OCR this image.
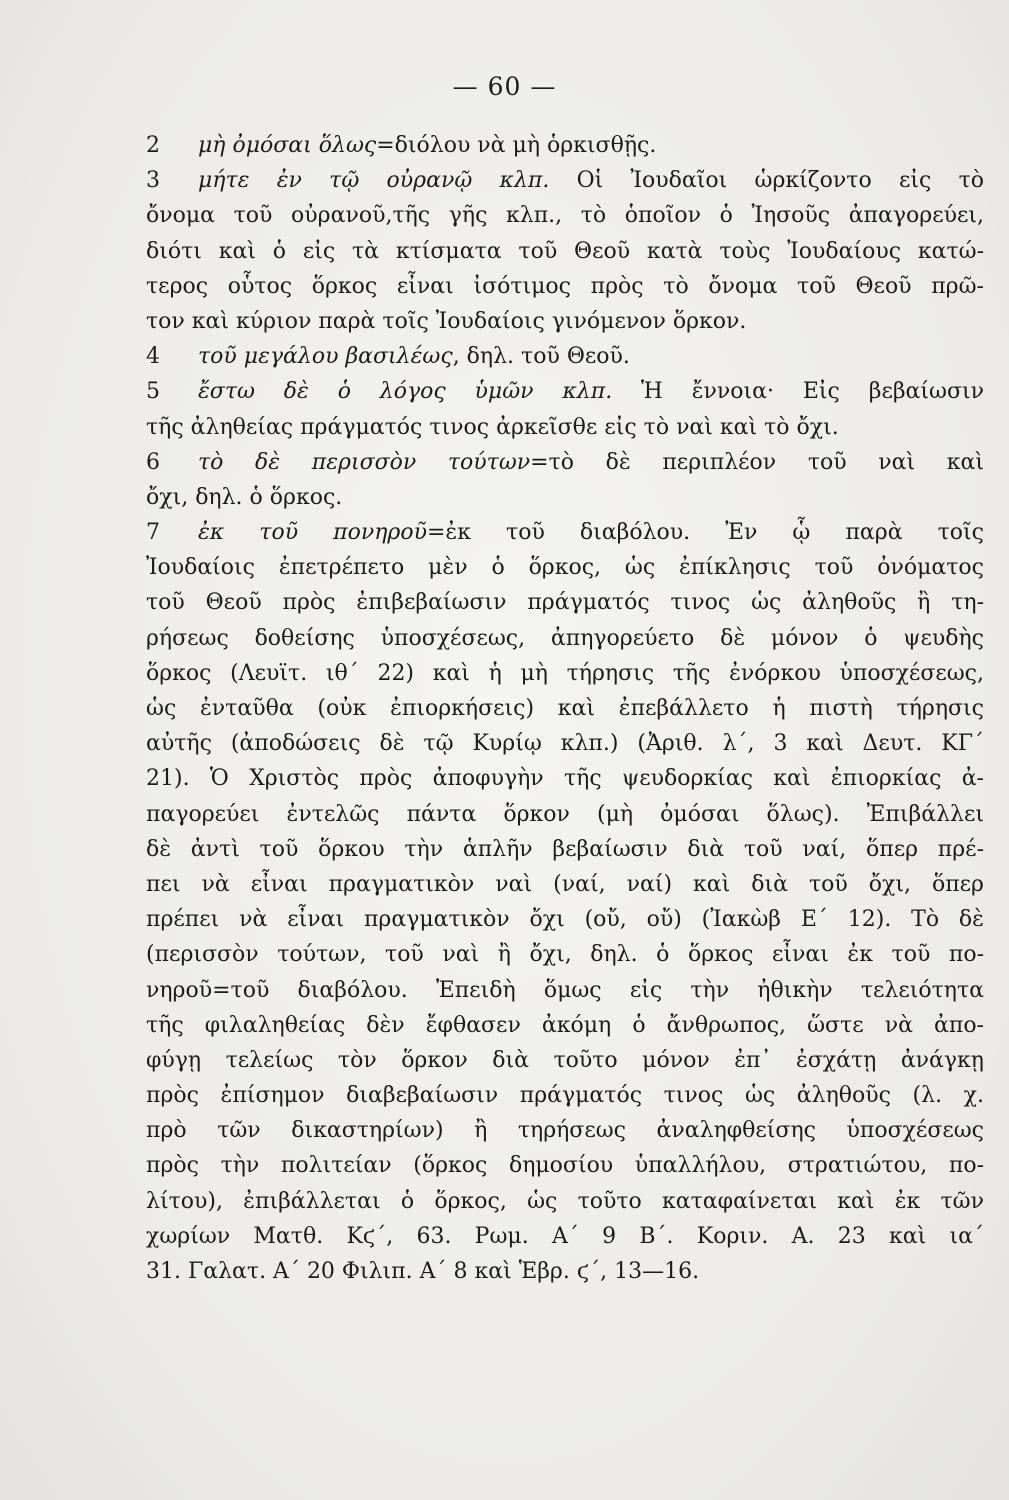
— 60 —
2 μὴ ὀμόσαι ὅλως=διόλου νὰ μὴ ὁρκισθῇς.
3 μήτε ἐν τῷ οὐρανῷ κλπ. Οἱ Ἰουδαῖοι ὡρκίζοντο εἰς τὸ
ὄνομα τοῦ οὐρανοῦ,τῆς γῆς κλπ., τὸ ὁποῖον ὁ Ἰησοῦς ἀπαγορεύει,
διότι καὶ ὁ εἰς τὰ κτίσματα τοῦ Θεοῦ κατὰ τοὺς Ἰουδαίους κατώ-
τερος οὗτος ὅρκος εἶναι ἰσότιμος πρὸς τὸ ὄνομα τοῦ Θεοῦ πρῶ-
τον καὶ κύριον παρὰ τοῖς Ἰουδαίοις γινόμενον ὅρκον.
4 τοῦ μεγάλου βασιλέως, δηλ. τοῦ Θεοῦ.
5 ἔστω δὲ ὁ λόγος ὑμῶν κλπ. Ἡ ἔννοια· Εἰς βεβαίωσιν
τῆς ἀληθείας πράγματός τινος ἀρκεῖσθε εἰς τὸ ναὶ καὶ τὸ ὄχι.
6 τὸ δὲ περισσὸν τούτων=τὸ δὲ περιπλέον τοῦ ναὶ καὶ
ὄχι, δηλ. ὁ ὅρκος.
7 ἐκ τοῦ πονηροῦ=ἐκ τοῦ διαβόλου. Ἐν ᾧ παρὰ τοῖς
Ἰουδαίοις ἐπετρέπετο μὲν ὁ ὅρκος, ὡς ἐπίκλησις τοῦ ὀνόματος
τοῦ Θεοῦ πρὸς ἐπιβεβαίωσιν πράγματός τινος ὡς ἀληθοῦς ἢ τη-
ρήσεως δοθείσης ὑποσχέσεως, ἀπηγορεύετο δὲ μόνον ὁ ψευδὴς
ὅρκος (Λευϊτ. ιθ΄ 22) καὶ ἡ μὴ τήρησις τῆς ἐνόρκου ὑποσχέσεως,
ὡς ἐνταῦθα (οὐκ ἐπιορκήσεις) καὶ ἐπεβάλλετο ἡ πιστὴ τήρησις
αὐτῆς (ἀποδώσεις δὲ τῷ Κυρίῳ κλπ.) (Ἀριθ. λ΄, 3 καὶ Δευτ. ΚΓ΄
21). Ὁ Χριστὸς πρὸς ἀποφυγὴν τῆς ψευδορκίας καὶ ἐπιορκίας ἀ-
παγορεύει ἐντελῶς πάντα ὅρκον (μὴ ὀμόσαι ὅλως). Ἐπιβάλλει
δὲ ἀντὶ τοῦ ὅρκου τὴν ἁπλῆν βεβαίωσιν διὰ τοῦ ναί, ὅπερ πρέ-
πει νὰ εἶναι πραγματικὸν ναὶ (ναί, ναί) καὶ διὰ τοῦ ὄχι, ὅπερ
πρέπει νὰ εἶναι πραγματικὸν ὄχι (οὔ, οὔ) (Ἰακὼβ Ε΄ 12). Τὸ δὲ
(περισσὸν τούτων, τοῦ ναὶ ἢ ὄχι, δηλ. ὁ ὅρκος εἶναι ἐκ τοῦ πο-
νηροῦ=τοῦ διαβόλου. Ἐπειδὴ ὅμως εἰς τὴν ἠθικὴν τελειότητα
τῆς φιλαληθείας δὲν ἔφθασεν ἀκόμη ὁ ἄνθρωπος, ὥστε νὰ ἀπο-
φύγῃ τελείως τὸν ὅρκον διὰ τοῦτο μόνον ἐπ᾿ ἐσχάτῃ ἀνάγκῃ
πρὸς ἐπίσημον διαβεβαίωσιν πράγματός τινος ὡς ἀληθοῦς (λ. χ.
πρὸ τῶν δικαστηρίων) ἢ τηρήσεως ἀναληφθείσης ὑποσχέσεως
πρὸς τὴν πολιτείαν (ὅρκος δημοσίου ὑπαλλήλου, στρατιώτου, πο-
λίτου), ἐπιβάλλεται ὁ ὅρκος, ὡς τοῦτο καταφαίνεται καὶ ἐκ τῶν
χωρίων Ματθ. Κϛ΄, 63. Ρωμ. Α΄ 9 Β΄. Κοριν. Α. 23 καὶ ια΄
31. Γαλατ. Α΄ 20 Φιλιπ. Α΄ 8 καὶ Ἑβρ. ϛ΄, 13—16.
